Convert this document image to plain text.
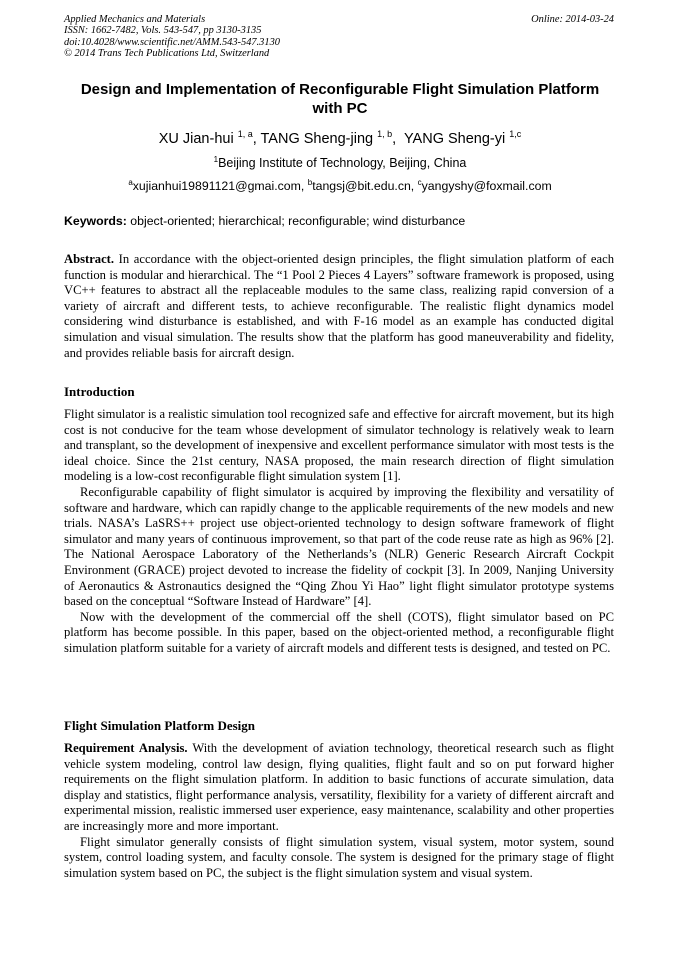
Applied Mechanics and Materials
ISSN: 1662-7482, Vols. 543-547, pp 3130-3135
doi:10.4028/www.scientific.net/AMM.543-547.3130
© 2014 Trans Tech Publications Ltd, Switzerland
Online: 2014-03-24
Design and Implementation of Reconfigurable Flight Simulation Platform
with PC
XU Jian-hui $^{1, a}$, TANG Sheng-jing $^{1, b}$,  YANG Sheng-yi $^{1,c}$
$^1$Beijing Institute of Technology, Beijing, China
$^a$xujianhui19891121@gmai.com, $^b$tangsj@bit.edu.cn, $^c$yangyshy@foxmail.com
Keywords: object-oriented; hierarchical; reconfigurable; wind disturbance

Abstract. In accordance with the object-oriented design principles, the flight simulation platform of each function is modular and hierarchical. The “1 Pool 2 Pieces 4 Layers” software framework is proposed, using VC++ features to abstract all the replaceable modules to the same class, realizing rapid conversion of a variety of aircraft and different tests, to achieve reconfigurable. The realistic flight dynamics model considering wind disturbance is established, and with F-16 model as an example has conducted digital simulation and visual simulation. The results show that the platform has good maneuverability and fidelity, and provides reliable basis for aircraft design.

Introduction

Flight simulator is a realistic simulation tool recognized safe and effective for aircraft movement, but its high cost is not conducive for the team whose development of simulator technology is relatively weak to learn and transplant, so the development of inexpensive and excellent performance simulator with most tests is the ideal choice. Since the 21st century, NASA proposed, the main research direction of flight simulation modeling is a low-cost reconfigurable flight simulation system [1].

Reconfigurable capability of flight simulator is acquired by improving the flexibility and versatility of software and hardware, which can rapidly change to the applicable requirements of the new models and new trials. NASA’s LaSRS++ project use object-oriented technology to design software framework of flight simulator and many years of continuous improvement, so that part of the code reuse rate as high as 96% [2]. The National Aerospace Laboratory of the Netherlands’s (NLR) Generic Research Aircraft Cockpit Environment (GRACE) project devoted to increase the fidelity of cockpit [3]. In 2009, Nanjing University of Aeronautics & Astronautics designed the “Qing Zhou Yi Hao” light flight simulator prototype systems based on the conceptual “Software Instead of Hardware” [4].

Now with the development of the commercial off the shell (COTS), flight simulator based on PC platform has become possible. In this paper, based on the object-oriented method, a reconfigurable flight simulation platform suitable for a variety of aircraft models and different tests is designed, and tested on PC.

Flight Simulation Platform Design

Requirement Analysis. With the development of aviation technology, theoretical research such as flight vehicle system modeling, control law design, flying qualities, flight fault and so on put forward higher requirements on the flight simulation platform. In addition to basic functions of accurate simulation, data display and statistics, flight performance analysis, versatility, flexibility for a variety of different aircraft and experimental mission, realistic immersed user experience, easy maintenance, scalability and other properties are increasingly more and more important.

Flight simulator generally consists of flight simulation system, visual system, motor system, sound system, control loading system, and faculty console. The system is designed for the primary stage of flight simulation system based on PC, the subject is the flight simulation system and visual system.
